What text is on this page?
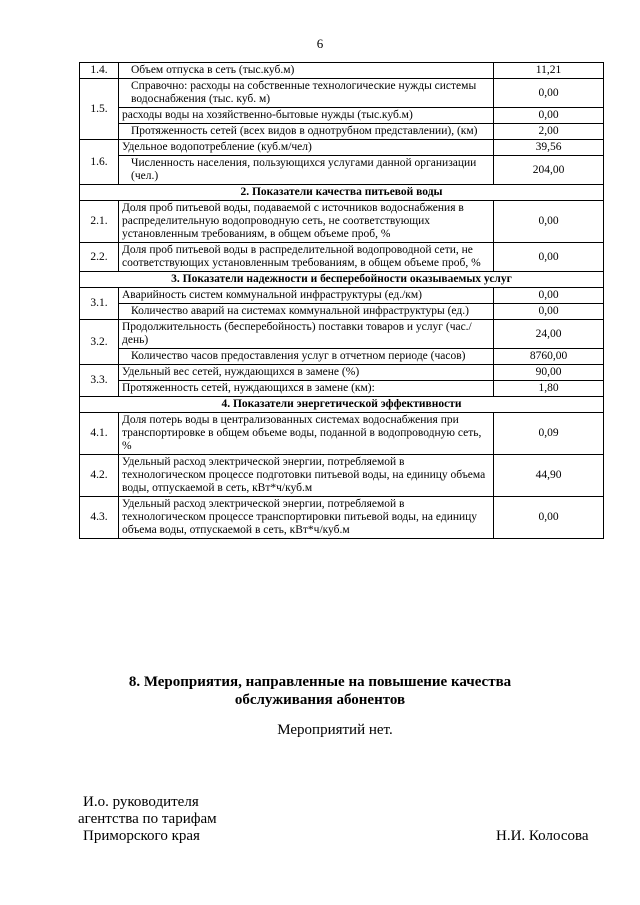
6
1.4.	Объем отпуска в сеть (тыс.куб.м)	11,21
1.5.	Справочно: расходы на собственные технологические нужды системы водоснабжения (тыс. куб. м)	0,00
	расходы воды на хозяйственно-бытовые нужды (тыс.куб.м)	0,00
	Протяженность сетей (всех видов в однотрубном представлении), (км)	2,00
1.6.	Удельное водопотребление (куб.м/чел)	39,56
	Численность населения, пользующихся услугами данной организации (чел.)	204,00
2. Показатели качества питьевой воды		
2.1.	Доля проб питьевой воды, подаваемой с источников водоснабжения в распределительную водопроводную сеть, не соответствующих установленным требованиям, в общем объеме проб, %	0,00
2.2.	Доля проб питьевой воды в распределительной водопроводной сети, не соответствующих установленным требованиям, в общем объеме проб, %	0,00
3. Показатели надежности и бесперебойности оказываемых услуг		
3.1.	Аварийность систем коммунальной инфраструктуры (ед./км)	0,00
	Количество аварий на системах коммунальной инфраструктуры (ед.)	0,00
3.2.	Продолжительность (бесперебойность) поставки товаров и услуг (час./день)	24,00
	Количество часов предоставления услуг в отчетном периоде (часов)	8760,00
3.3.	Удельный вес сетей, нуждающихся в замене (%)	90,00
	Протяженность сетей, нуждающихся в замене (км):	1,80
4. Показатели энергетической эффективности		
4.1.	Доля потерь воды в централизованных системах водоснабжения при транспортировке в общем объеме воды, поданной в водопроводную сеть, %	0,09
4.2.	Удельный расход электрической энергии, потребляемой в технологическом процессе подготовки питьевой воды, на единицу объема воды, отпускаемой в сеть, кВт*ч/куб.м	44,90
4.3.	Удельный расход электрической энергии, потребляемой в технологическом процессе транспортировки питьевой воды, на единицу объема воды, отпускаемой в сеть, кВт*ч/куб.м	0,00
8. Мероприятия, направленные на повышение качества
обслуживания абонентов
Мероприятий нет.
И.о. руководителя
агентства по тарифам
Приморского края	Н.И. Колосова
